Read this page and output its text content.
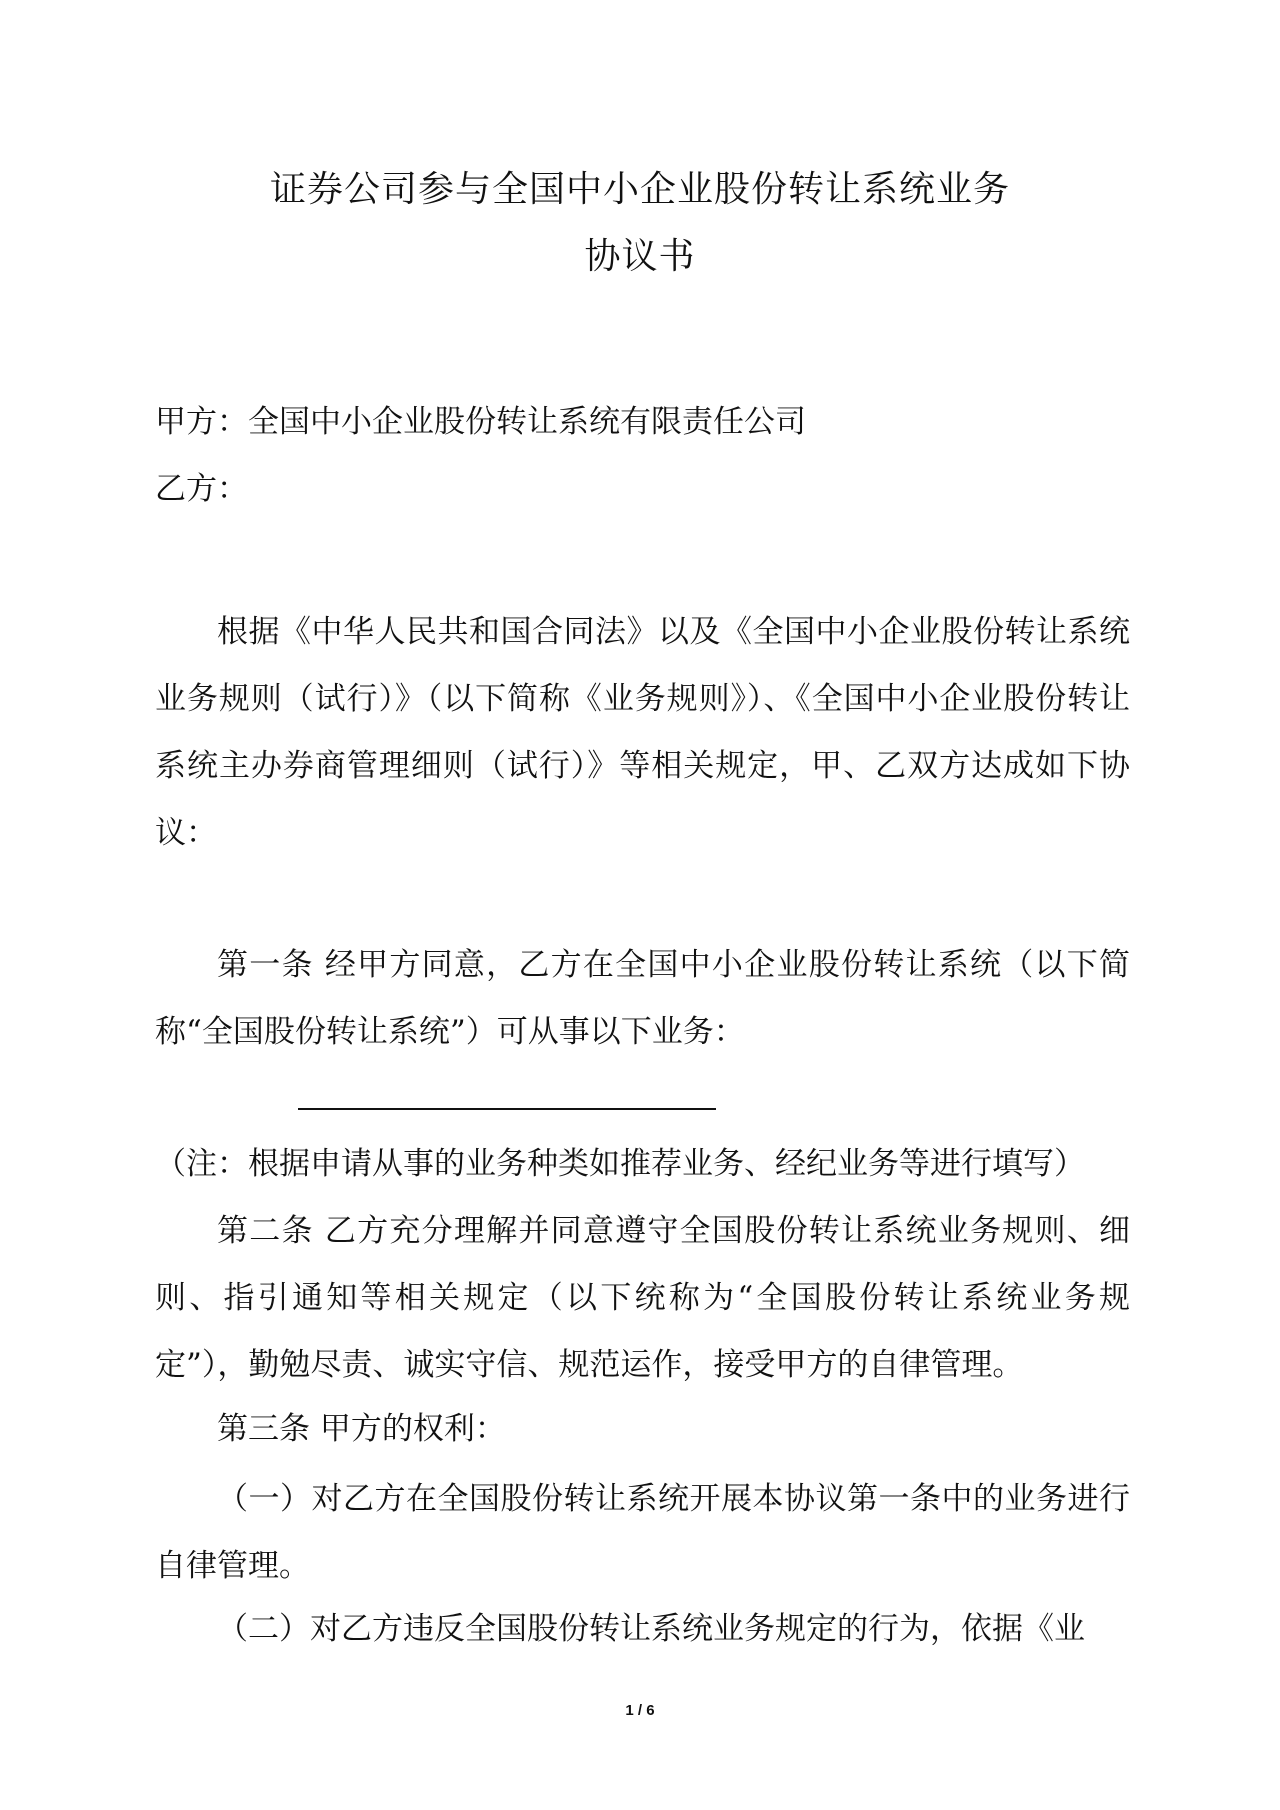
证券公司参与全国中小企业股份转让系统业务
协议书
甲方：全国中小企业股份转让系统有限责任公司
乙方：
根据《中华人民共和国合同法》以及《全国中小企业股份转让系统业务规则（试行）》（以下简称《业务规则》）、《全国中小企业股份转让系统主办券商管理细则（试行）》等相关规定，甲、乙双方达成如下协议：
第一条 经甲方同意，乙方在全国中小企业股份转让系统（以下简称“全国股份转让系统”）可从事以下业务：
（注：根据申请从事的业务种类如推荐业务、经纪业务等进行填写）
第二条 乙方充分理解并同意遵守全国股份转让系统业务规则、细则、指引通知等相关规定（以下统称为“全国股份转让系统业务规定”），勤勉尽责、诚实守信、规范运作，接受甲方的自律管理。
第三条 甲方的权利：
（一）对乙方在全国股份转让系统开展本协议第一条中的业务进行自律管理。
（二）对乙方违反全国股份转让系统业务规定的行为，依据《业
1 / 6
